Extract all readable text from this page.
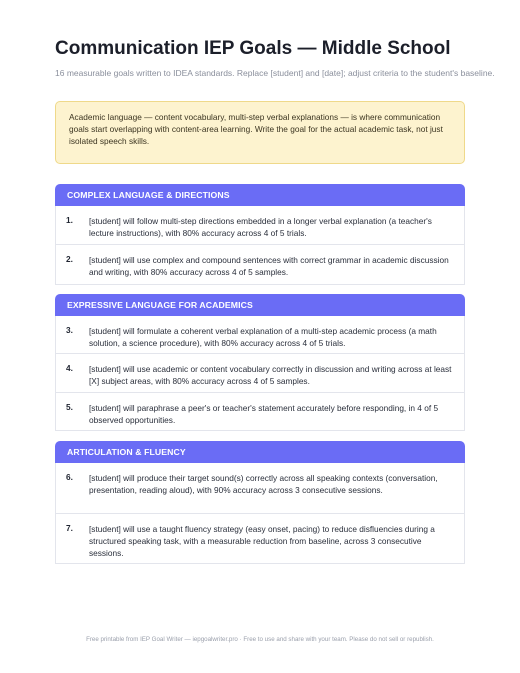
Communication IEP Goals — Middle School
16 measurable goals written to IDEA standards. Replace [student] and [date]; adjust criteria to the student's baseline.
Academic language — content vocabulary, multi-step verbal explanations — is where communication goals start overlapping with content-area learning. Write the goal for the actual academic task, not just isolated speech skills.
COMPLEX LANGUAGE & DIRECTIONS
1. [student] will follow multi-step directions embedded in a longer verbal explanation (a teacher's lecture instructions), with 80% accuracy across 4 of 5 trials.
2. [student] will use complex and compound sentences with correct grammar in academic discussion and writing, with 80% accuracy across 4 of 5 samples.
EXPRESSIVE LANGUAGE FOR ACADEMICS
3. [student] will formulate a coherent verbal explanation of a multi-step academic process (a math solution, a science procedure), with 80% accuracy across 4 of 5 trials.
4. [student] will use academic or content vocabulary correctly in discussion and writing across at least [X] subject areas, with 80% accuracy across 4 of 5 samples.
5. [student] will paraphrase a peer's or teacher's statement accurately before responding, in 4 of 5 observed opportunities.
ARTICULATION & FLUENCY
6. [student] will produce their target sound(s) correctly across all speaking contexts (conversation, presentation, reading aloud), with 90% accuracy across 3 consecutive sessions.
7. [student] will use a taught fluency strategy (easy onset, pacing) to reduce disfluencies during a structured speaking task, with a measurable reduction from baseline, across 3 consecutive sessions.
Free printable from IEP Goal Writer — iepgoalwriter.pro · Free to use and share with your team. Please do not sell or republish.
